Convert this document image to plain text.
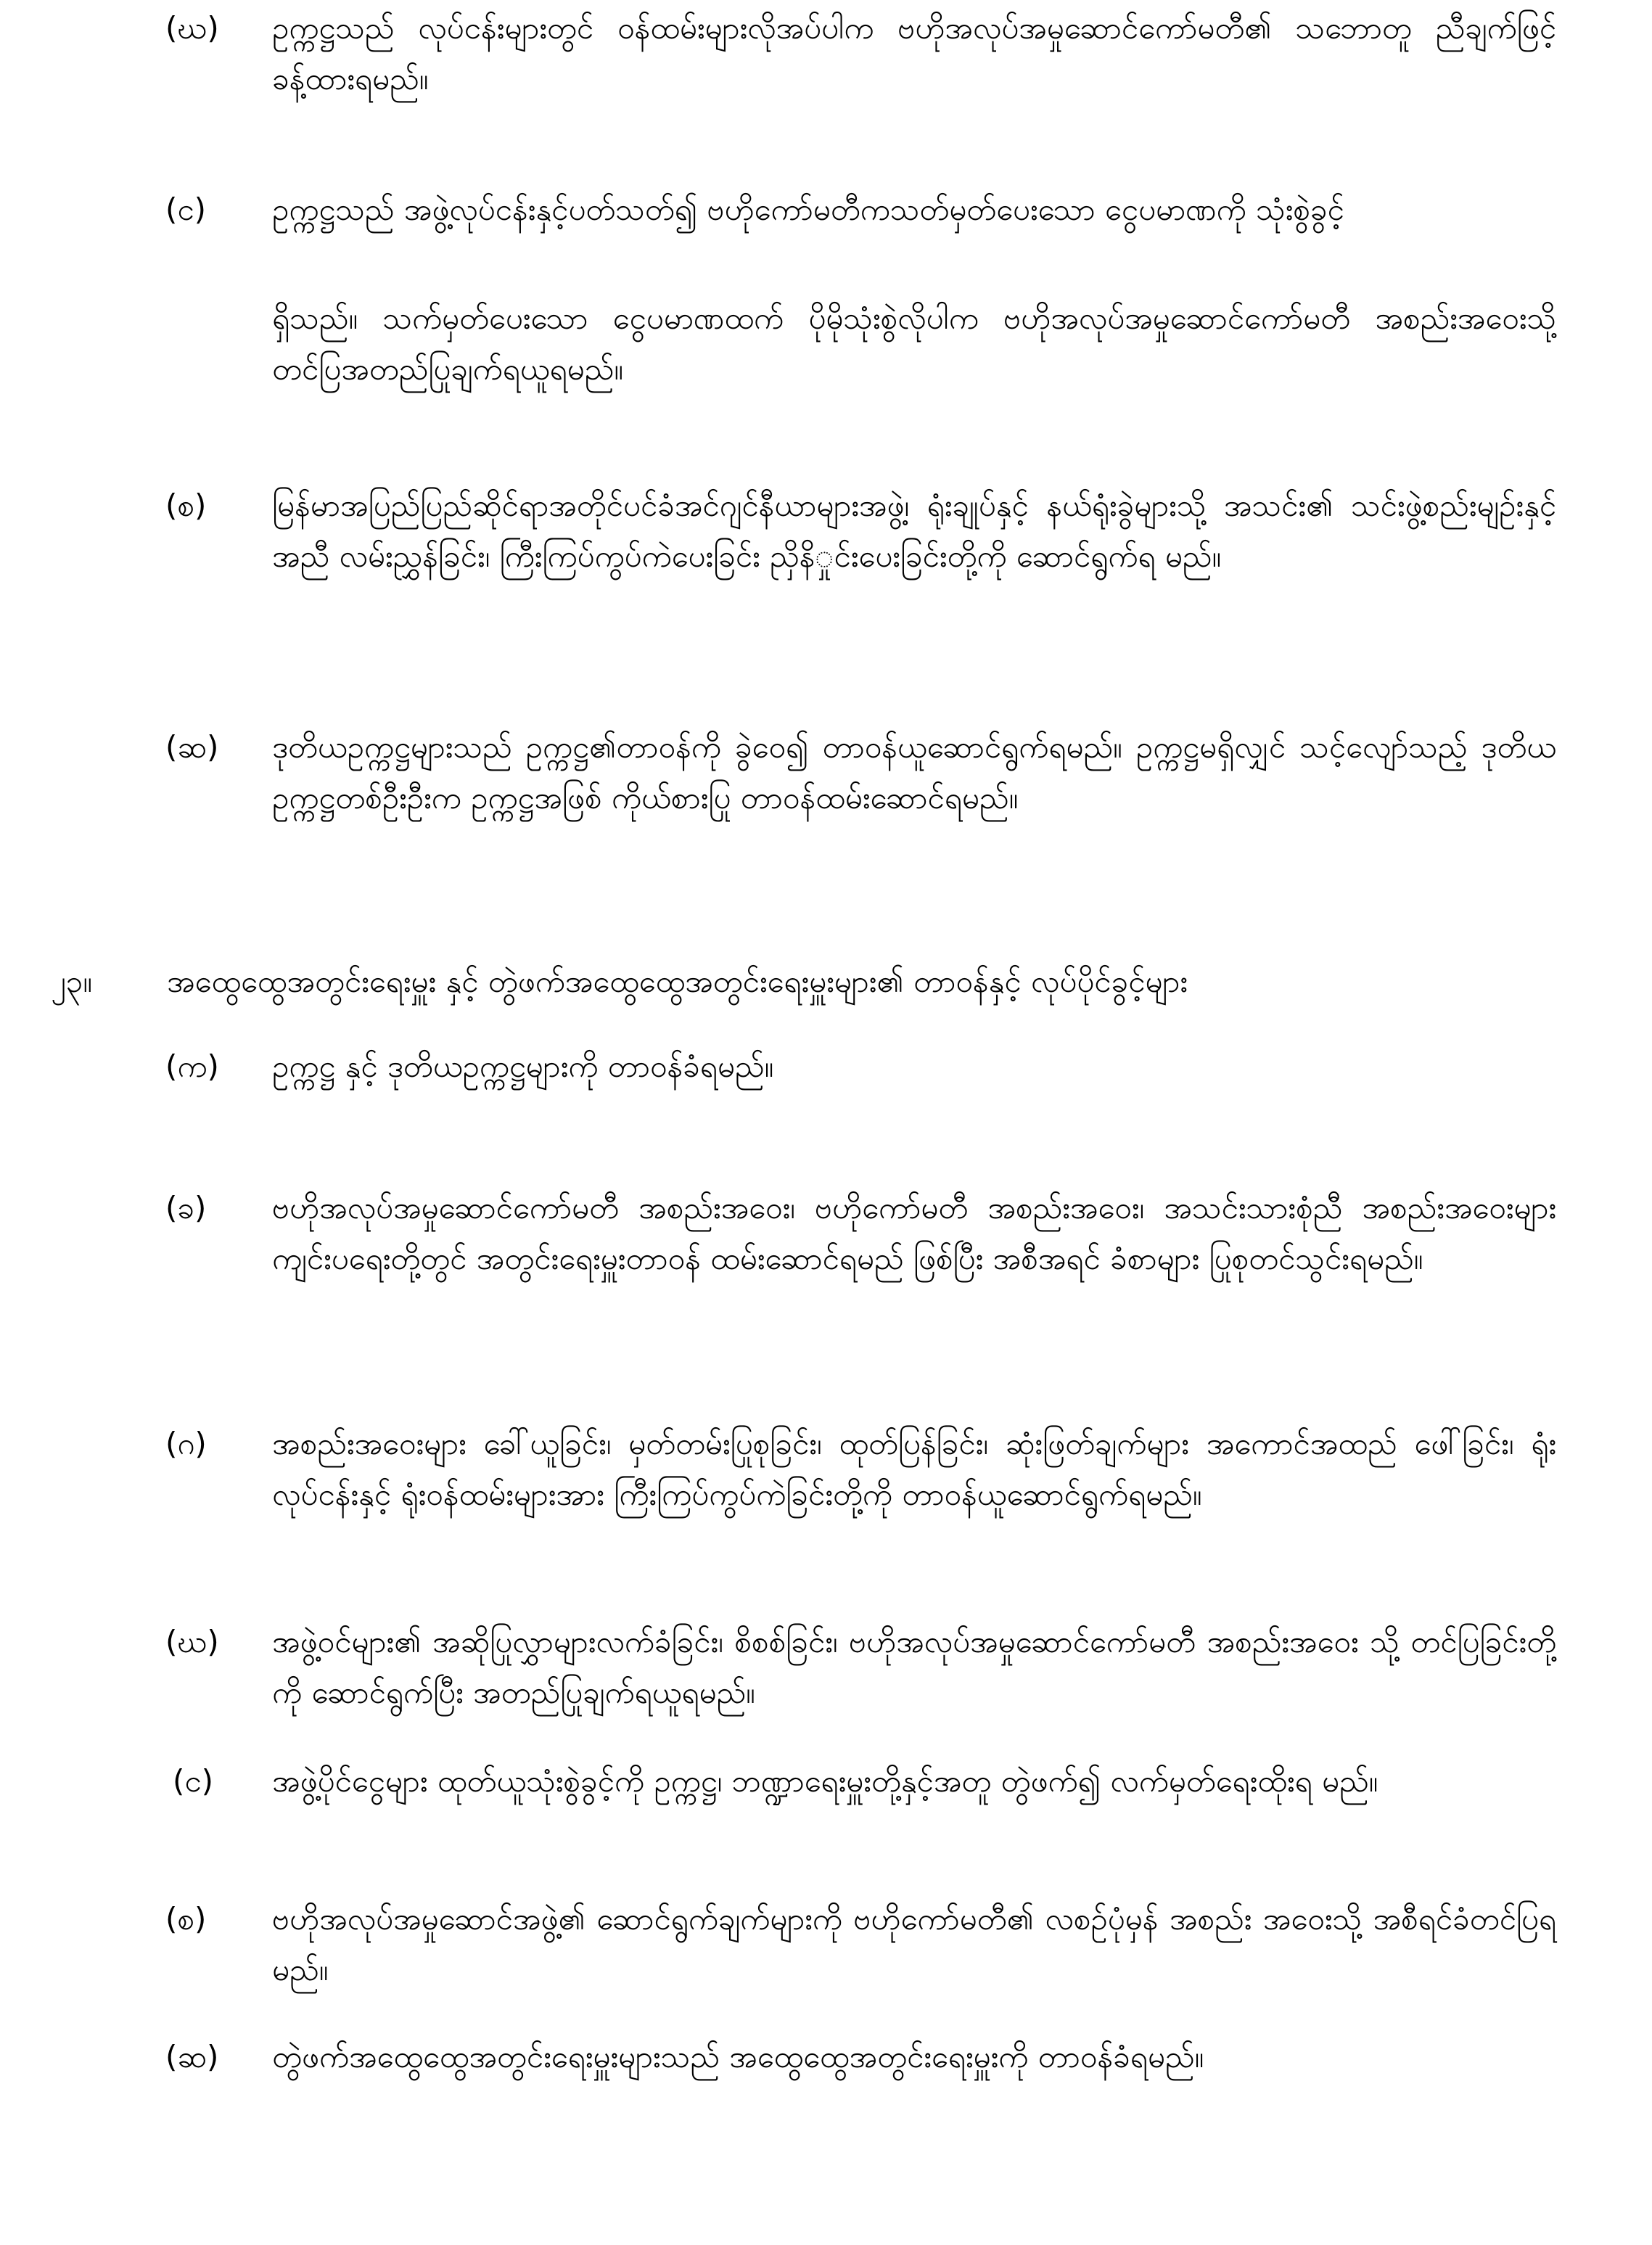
(ဃ) ဥက္ကဋ္ဌသည် လုပ်ငန်းများတွင် ဝန်ထမ်းများလိုအပ်ပါက ဗဟိုအလုပ်အမှုဆောင်ကော်မတီ၏ သဘောတူ ညီချက်ဖြင့် ခန့်ထားရမည်။
(င) ဥက္ကဋ္ဌသည် အဖွဲ့လုပ်ငန်းနှင့်ပတ်သတ်၍ ဗဟိုကော်မတီကသတ်မှတ်ပေးသော ငွေပမာဏကို သုံးစွဲခွင့်
ရှိသည်။ သက်မှတ်ပေးသော ငွေပမာဏထက် ပိုမိုသုံးစွဲလိုပါက ဗဟိုအလုပ်အမှုဆောင်ကော်မတီ အစည်းအဝေးသို့ တင်ပြအတည်ပြုချက်ရယူရမည်။
(စ) မြန်မာအပြည်ပြည်ဆိုင်ရာအတိုင်ပင်ခံအင်ဂျင်နီယာများအဖွဲ့၊ ရုံးချုပ်နှင့် နယ်ရုံးခွဲများသို့ အသင်း၏ သင်းဖွဲ့စည်းမျဉ်းနှင့်အညီ လမ်းညွှန်ခြင်း၊ ကြီးကြပ်ကွပ်ကဲပေးခြင်း ညှိနိှုင်းပေးခြင်းတို့ကို ဆောင်ရွက်ရ မည်။
(ဆ) ဒုတိယဥက္ကဋ္ဌများသည် ဥက္ကဋ္ဌ၏တာဝန်ကို ခွဲဝေ၍ တာဝန်ယူဆောင်ရွက်ရမည်။ ဥက္ကဋ္ဌမရှိလျှင် သင့်လျော်သည့် ဒုတိယဥက္ကဋ္ဌတစ်ဦးဦးက ဥက္ကဋ္ဌအဖြစ် ကိုယ်စားပြု တာဝန်ထမ်းဆောင်ရမည်။
၂၃။ အထွေထွေအတွင်းရေးမှူး နှင့် တွဲဖက်အထွေထွေအတွင်းရေးမှူးများ၏ တာဝန်နှင့် လုပ်ပိုင်ခွင့်များ
(က) ဥက္ကဋ္ဌ နှင့် ဒုတိယဥက္ကဋ္ဌများကို တာဝန်ခံရမည်။
(ခ) ဗဟိုအလုပ်အမှုဆောင်ကော်မတီ အစည်းအဝေး၊ ဗဟိုကော်မတီ အစည်းအဝေး၊ အသင်းသားစုံညီ အစည်းအဝေးများ ကျင်းပရေးတို့တွင် အတွင်းရေးမှူးတာဝန် ထမ်းဆောင်ရမည် ဖြစ်ပြီး အစီအရင် ခံစာများ ပြုစုတင်သွင်းရမည်။
(ဂ) အစည်းအဝေးများ ခေါ်ယူခြင်း၊ မှတ်တမ်းပြုစုခြင်း၊ ထုတ်ပြန်ခြင်း၊ ဆုံးဖြတ်ချက်များ အကောင်အထည် ဖေါ်ခြင်း၊ ရုံးလုပ်ငန်းနှင့် ရုံးဝန်ထမ်းများအား ကြီးကြပ်ကွပ်ကဲခြင်းတို့ကို တာဝန်ယူဆောင်ရွက်ရမည်။
(ဃ) အဖွဲ့ဝင်များ၏ အဆိုပြုလွှာများလက်ခံခြင်း၊ စိစစ်ခြင်း၊ ဗဟိုအလုပ်အမှုဆောင်ကော်မတီ အစည်းအဝေး သို့ တင်ပြခြင်းတို့ကို ဆောင်ရွက်ပြီး အတည်ပြုချက်ရယူရမည်။
(င) အဖွဲ့ပိုင်ငွေများ ထုတ်ယူသုံးစွဲခွင့်ကို ဥက္ကဋ္ဌ၊ ဘဏ္ဍာရေးမှူးတို့နှင့်အတူ တွဲဖက်၍ လက်မှတ်ရေးထိုးရ မည်။
(စ) ဗဟိုအလုပ်အမှုဆောင်အဖွဲ့၏ ဆောင်ရွက်ချက်များကို ဗဟိုကော်မတီ၏ လစဉ်ပုံမှန် အစည်း အဝေးသို့ အစီရင်ခံတင်ပြရမည်။
(ဆ) တွဲဖက်အထွေထွေအတွင်းရေးမှူးများသည် အထွေထွေအတွင်းရေးမှူးကို တာဝန်ခံရမည်။
